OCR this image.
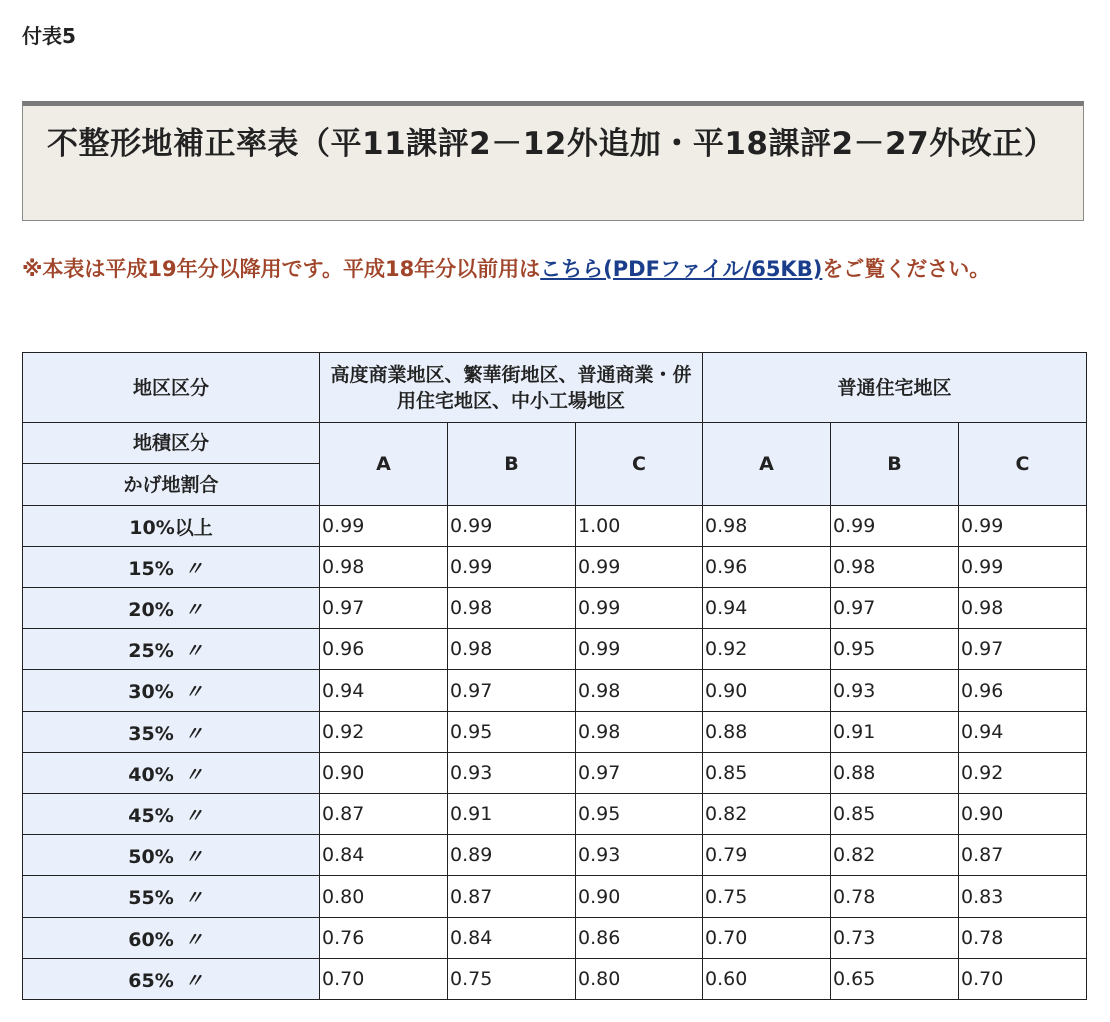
付表5
不整形地補正率表（平11課評2－12外追加・平18課評2－27外改正）
※本表は平成19年分以降用です。平成18年分以前用はこちら(PDFファイル/65KB)をご覧ください。
地区区分	高度商業地区、繁華街地区、普通商業・併用住宅地区、中小工場地区			普通住宅地区		
地積区分	A	B	C	A	B	C
かげ地割合						
10%以上	0.99	0.99	1.00	0.98	0.99	0.99
15% 〃	0.98	0.99	0.99	0.96	0.98	0.99
20% 〃	0.97	0.98	0.99	0.94	0.97	0.98
25% 〃	0.96	0.98	0.99	0.92	0.95	0.97
30% 〃	0.94	0.97	0.98	0.90	0.93	0.96
35% 〃	0.92	0.95	0.98	0.88	0.91	0.94
40% 〃	0.90	0.93	0.97	0.85	0.88	0.92
45% 〃	0.87	0.91	0.95	0.82	0.85	0.90
50% 〃	0.84	0.89	0.93	0.79	0.82	0.87
55% 〃	0.80	0.87	0.90	0.75	0.78	0.83
60% 〃	0.76	0.84	0.86	0.70	0.73	0.78
65% 〃	0.70	0.75	0.80	0.60	0.65	0.70
